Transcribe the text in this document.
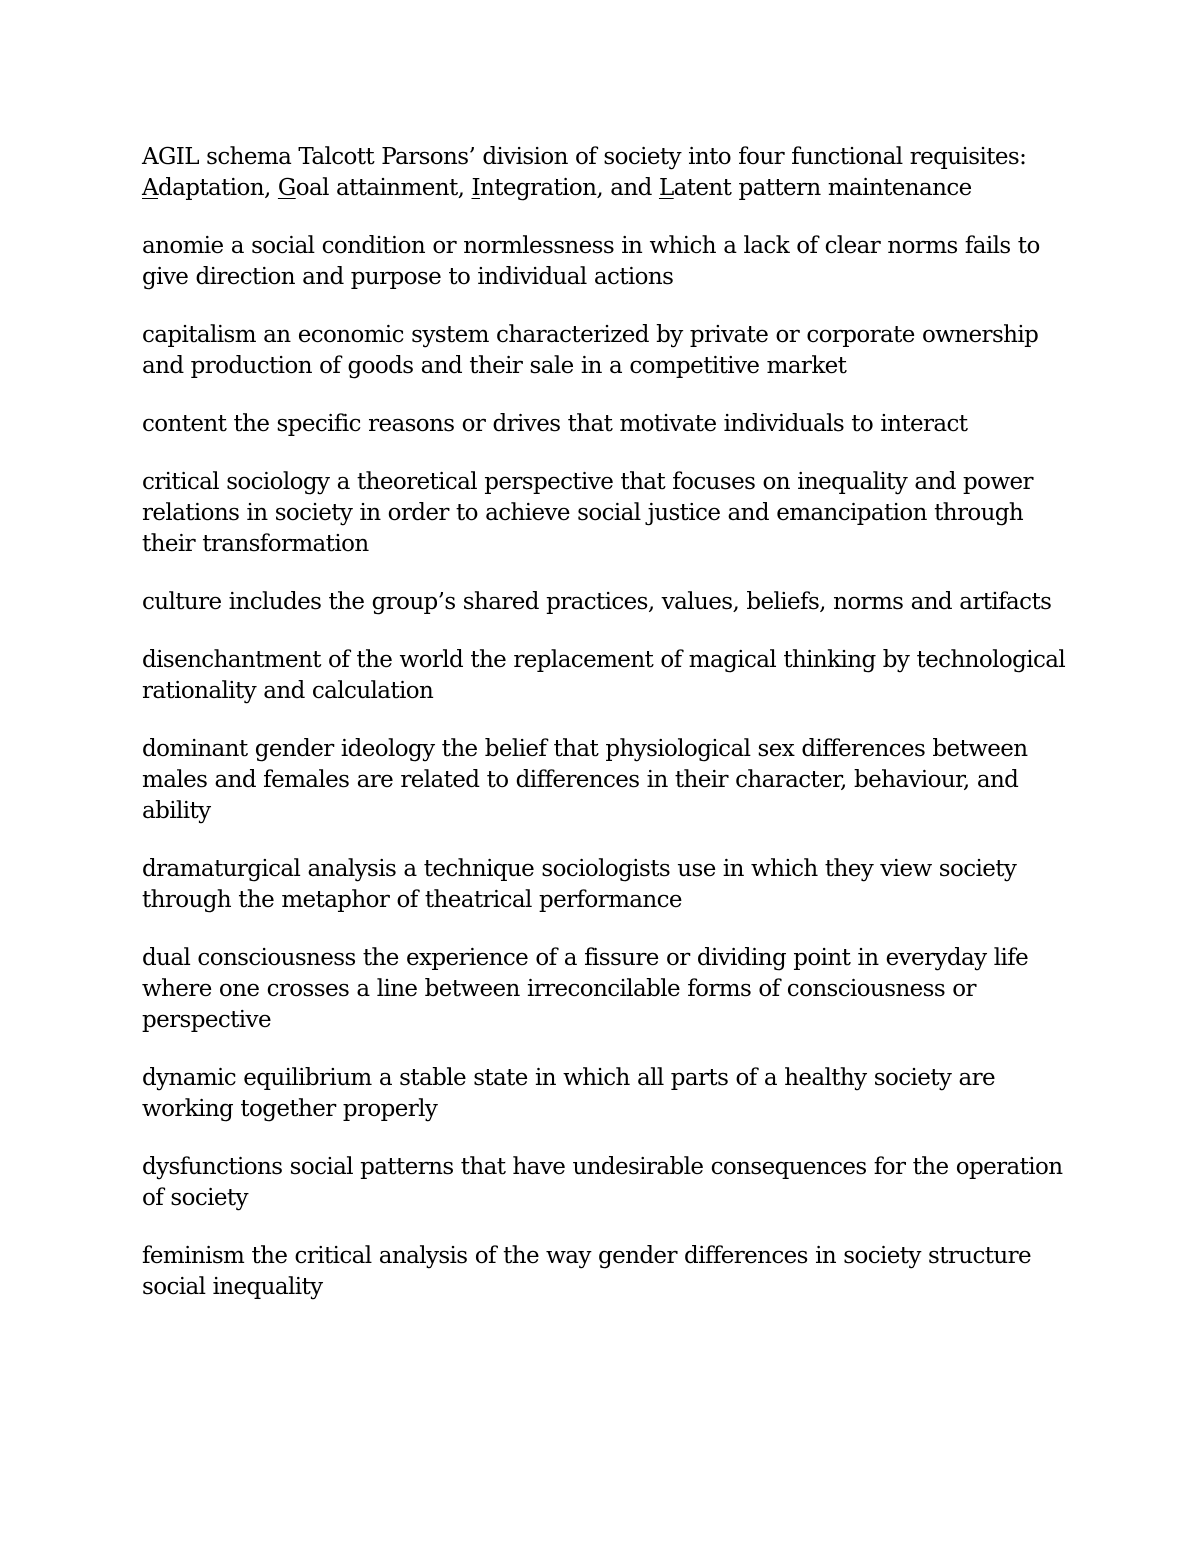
AGIL schema Talcott Parsons’ division of society into four functional requisites: Adaptation, Goal attainment, Integration, and Latent pattern maintenance

anomie a social condition or normlessness in which a lack of clear norms fails to give direction and purpose to individual actions

capitalism an economic system characterized by private or corporate ownership and production of goods and their sale in a competitive market

content the specific reasons or drives that motivate individuals to interact

critical sociology a theoretical perspective that focuses on inequality and power relations in society in order to achieve social justice and emancipation through their transformation

culture includes the group’s shared practices, values, beliefs, norms and artifacts

disenchantment of the world the replacement of magical thinking by technological rationality and calculation

dominant gender ideology the belief that physiological sex differences between males and females are related to differences in their character, behaviour, and ability

dramaturgical analysis a technique sociologists use in which they view society through the metaphor of theatrical performance

dual consciousness the experience of a fissure or dividing point in everyday life where one crosses a line between irreconcilable forms of consciousness or perspective

dynamic equilibrium a stable state in which all parts of a healthy society are working together properly

dysfunctions social patterns that have undesirable consequences for the operation of society

feminism the critical analysis of the way gender differences in society structure social inequality
